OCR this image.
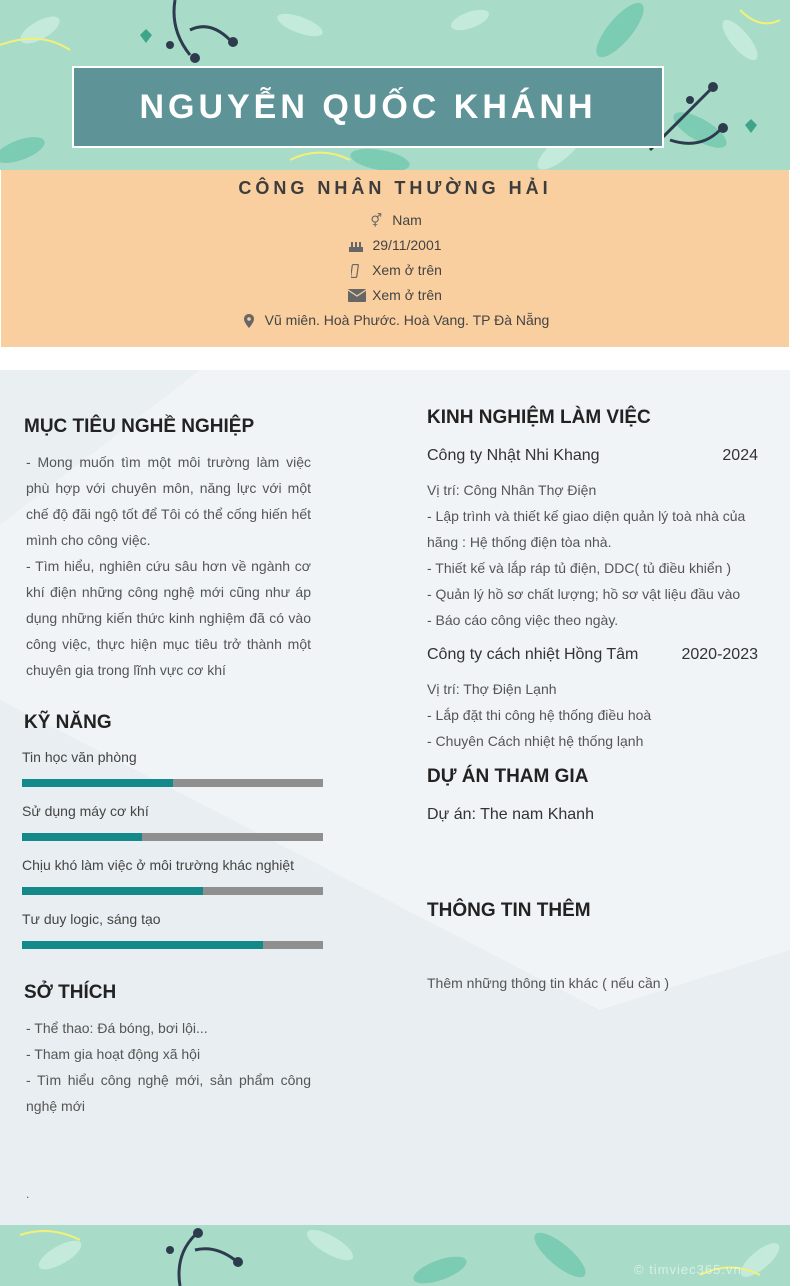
NGUYỄN QUỐC KHÁNH
CÔNG NHÂN THƯỜNG HẢI
⚥ Nam
29/11/2001
Xem ở trên
Xem ở trên
Vũ miên. Hoà Phước. Hoà Vang. TP Đà Nẵng
MỤC TIÊU NGHỀ NGHIỆP

- Mong muốn tìm một môi trường làm việc phù hợp với chuyên môn, năng lực với một chế độ đãi ngộ tốt để Tôi có thể cống hiến hết mình cho công việc.

- Tìm hiểu, nghiên cứu sâu hơn về ngành cơ khí điện những công nghệ mới cũng như áp dụng những kiến thức kinh nghiệm đã có vào công việc, thực hiện mục tiêu trở thành một chuyên gia trong lĩnh vực cơ khí

KỸ NĂNG
Tin học văn phòng
Sử dụng máy cơ khí
Chịu khó làm việc ở môi trường khác nghiệt
Tư duy logic, sáng tạo
SỞ THÍCH

- Thể thao: Đá bóng, bơi lội...

- Tham gia hoạt động xã hội

- Tìm hiểu công nghệ mới, sản phẩm công nghệ mới

.
KINH NGHIỆM LÀM VIỆC
Công ty Nhật Nhi Khang	2024

Vị trí: Công Nhân Thợ Điện

- Lập trình và thiết kế giao diện quản lý toà nhà của hãng : Hệ thống điện tòa nhà.

- Thiết kế và lắp ráp tủ điện, DDC( tủ điều khiển )

- Quản lý hồ sơ chất lượng; hồ sơ vật liệu đầu vào

- Báo cáo công việc theo ngày.

Công ty cách nhiệt Hồng Tâm	2020-2023

Vị trí: Thợ Điện Lạnh

- Lắp đặt thi công hệ thống điều hoà

- Chuyên Cách nhiệt hệ thống lạnh

DỰ ÁN THAM GIA
Dự án: The nam Khanh
THÔNG TIN THÊM
Thêm những thông tin khác ( nếu cần )
© timviec365.vn
